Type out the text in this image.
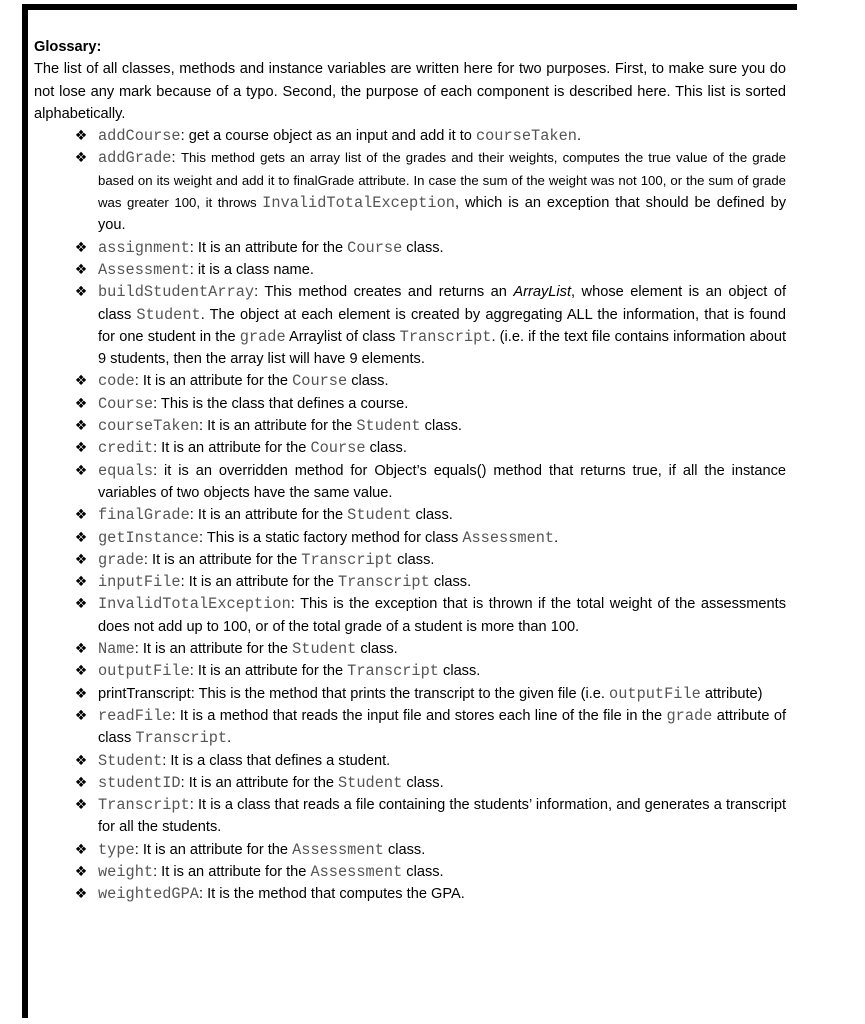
Glossary:

The list of all classes, methods and instance variables are written here for two purposes. First, to make sure you do not lose any mark because of a typo. Second, the purpose of each component is described here. This list is sorted alphabetically.

❖ addCourse: get a course object as an input and add it to courseTaken.
❖ addGrade: This method gets an array list of the grades and their weights, computes the true value of the grade based on its weight and add it to finalGrade attribute. In case the sum of the weight was not 100, or the sum of grade was greater 100, it throws InvalidTotalException, which is an exception that should be defined by you.
❖ assignment: It is an attribute for the Course class.
❖ Assessment: it is a class name.
❖ buildStudentArray: This method creates and returns an ArrayList, whose element is an object of class Student. The object at each element is created by aggregating ALL the information, that is found for one student in the grade Arraylist of class Transcript. (i.e. if the text file contains information about 9 students, then the array list will have 9 elements.
❖ code: It is an attribute for the Course class.
❖ Course: This is the class that defines a course.
❖ courseTaken: It is an attribute for the Student class.
❖ credit: It is an attribute for the Course class.
❖ equals: it is an overridden method for Object’s equals() method that returns true, if all the instance variables of two objects have the same value.
❖ finalGrade: It is an attribute for the Student class.
❖ getInstance: This is a static factory method for class Assessment.
❖ grade: It is an attribute for the Transcript class.
❖ inputFile: It is an attribute for the Transcript class.
❖ InvalidTotalException: This is the exception that is thrown if the total weight of the assessments does not add up to 100, or of the total grade of a student is more than 100.
❖ Name: It is an attribute for the Student class.
❖ outputFile: It is an attribute for the Transcript class.
❖ printTranscript: This is the method that prints the transcript to the given file (i.e. outputFile attribute)
❖ readFile: It is a method that reads the input file and stores each line of the file in the grade attribute of class Transcript.
❖ Student: It is a class that defines a student.
❖ studentID: It is an attribute for the Student class.
❖ Transcript: It is a class that reads a file containing the students’ information, and generates a transcript for all the students.
❖ type: It is an attribute for the Assessment class.
❖ weight: It is an attribute for the Assessment class.
❖ weightedGPA: It is the method that computes the GPA.
